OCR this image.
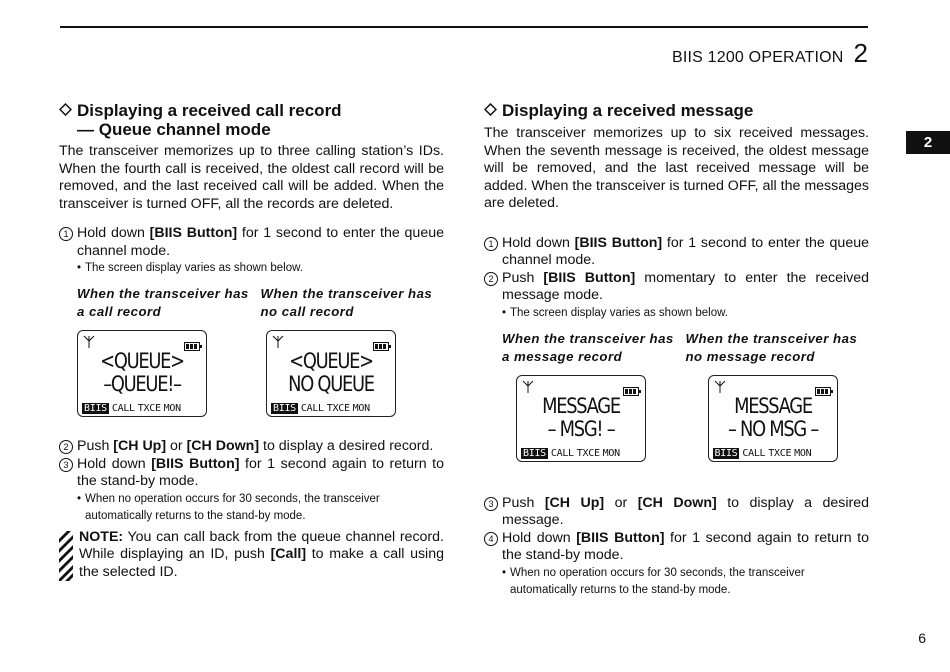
BIIS 1200 OPERATION 2
2
6
Displaying a received call record
— Queue channel mode

The transceiver memorizes up to three calling station’s IDs. When the fourth call is received, the oldest call record will be removed, and the last received call will be added. When the transceiver is turned OFF, all the records are deleted.

1 Hold down [BIIS Button] for 1 second to enter the queue channel mode.
• The screen display varies as shown below.
When the transceiver has a call record
When the transceiver has no call record
<QUEUE>
–QUEUE!–
BIIS CALL TXCE MON
<QUEUE>
NO QUEUE
BIIS CALL TXCE MON
2 Push [CH Up] or [CH Down] to display a desired record.
3 Hold down [BIIS Button] for 1 second again to return to the stand-by mode.
• When no operation occurs for 30 seconds, the transceiver automatically returns to the stand-by mode.
NOTE: You can call back from the queue channel record. While displaying an ID, push [Call] to make a call using the selected ID.
Displaying a received message

The transceiver memorizes up to six received messages. When the seventh message is received, the oldest message will be removed, and the last received message will be added. When the transceiver is turned OFF, all the messages are deleted.

1 Hold down [BIIS Button] for 1 second to enter the queue channel mode.
2 Push [BIIS Button] momentary to enter the received message mode.
• The screen display varies as shown below.
When the transceiver has a message record
When the transceiver has no message record
MESSAGE
– MSG! –
BIIS CALL TXCE MON
MESSAGE
– NO MSG –
BIIS CALL TXCE MON
3 Push [CH Up] or [CH Down] to display a desired message.
4 Hold down [BIIS Button] for 1 second again to return to the stand-by mode.
• When no operation occurs for 30 seconds, the transceiver automatically returns to the stand-by mode.
